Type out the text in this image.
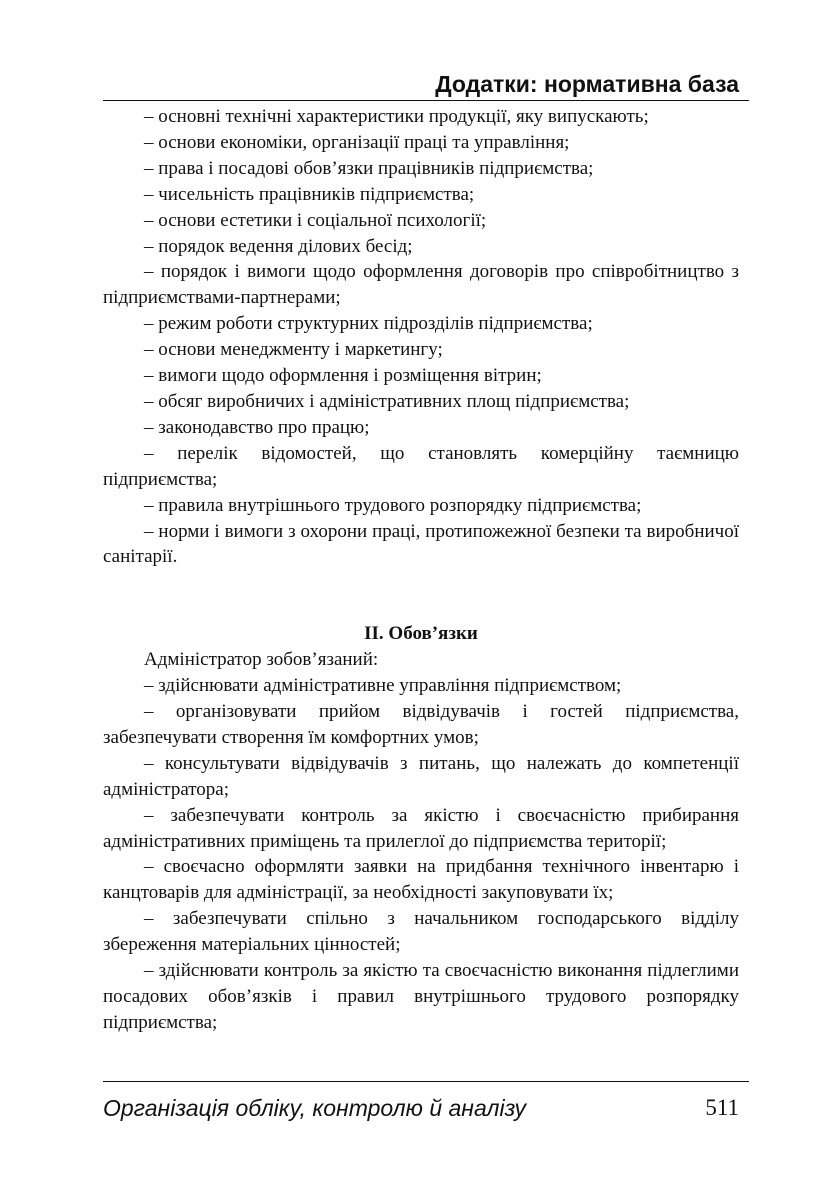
Додатки: нормативна база

– основні технічні характеристики продукції, яку випускають;

– основи економіки, організації праці та управління;

– права і посадові обов’язки працівників підприємства;

– чисельність працівників підприємства;

– основи естетики і соціальної психології;

– порядок ведення ділових бесід;

– порядок і вимоги щодо оформлення договорів про співробітництво з підприємствами-партнерами;

– режим роботи структурних підрозділів підприємства;

– основи менеджменту і маркетингу;

– вимоги щодо оформлення і розміщення вітрин;

– обсяг виробничих і адміністративних площ підприємства;

– законодавство про працю;

– перелік відомостей, що становлять комерційну таємницю підприємства;

– правила внутрішнього трудового розпорядку підприємства;

– норми і вимоги з охорони праці, протипожежної безпеки та виробничої санітарії.

ІІ. Обов’язки

Адміністратор зобов’язаний:

– здійснювати адміністративне управління підприємством;

– організовувати прийом відвідувачів і гостей підприємства, забезпечувати створення їм комфортних умов;

– консультувати відвідувачів з питань, що належать до компетенції адміністратора;

– забезпечувати контроль за якістю і своєчасністю прибирання адміністративних приміщень та прилеглої до підприємства території;

– своєчасно оформляти заявки на придбання технічного інвентарю і канцтоварів для адміністрації, за необхідності закуповувати їх;

– забезпечувати спільно з начальником господарського відділу збереження матеріальних цінностей;

– здійснювати контроль за якістю та своєчасністю виконання підлеглими посадових обов’язків і правил внутрішнього трудового розпорядку підприємства;

Організація обліку, контролю й аналізу	511
